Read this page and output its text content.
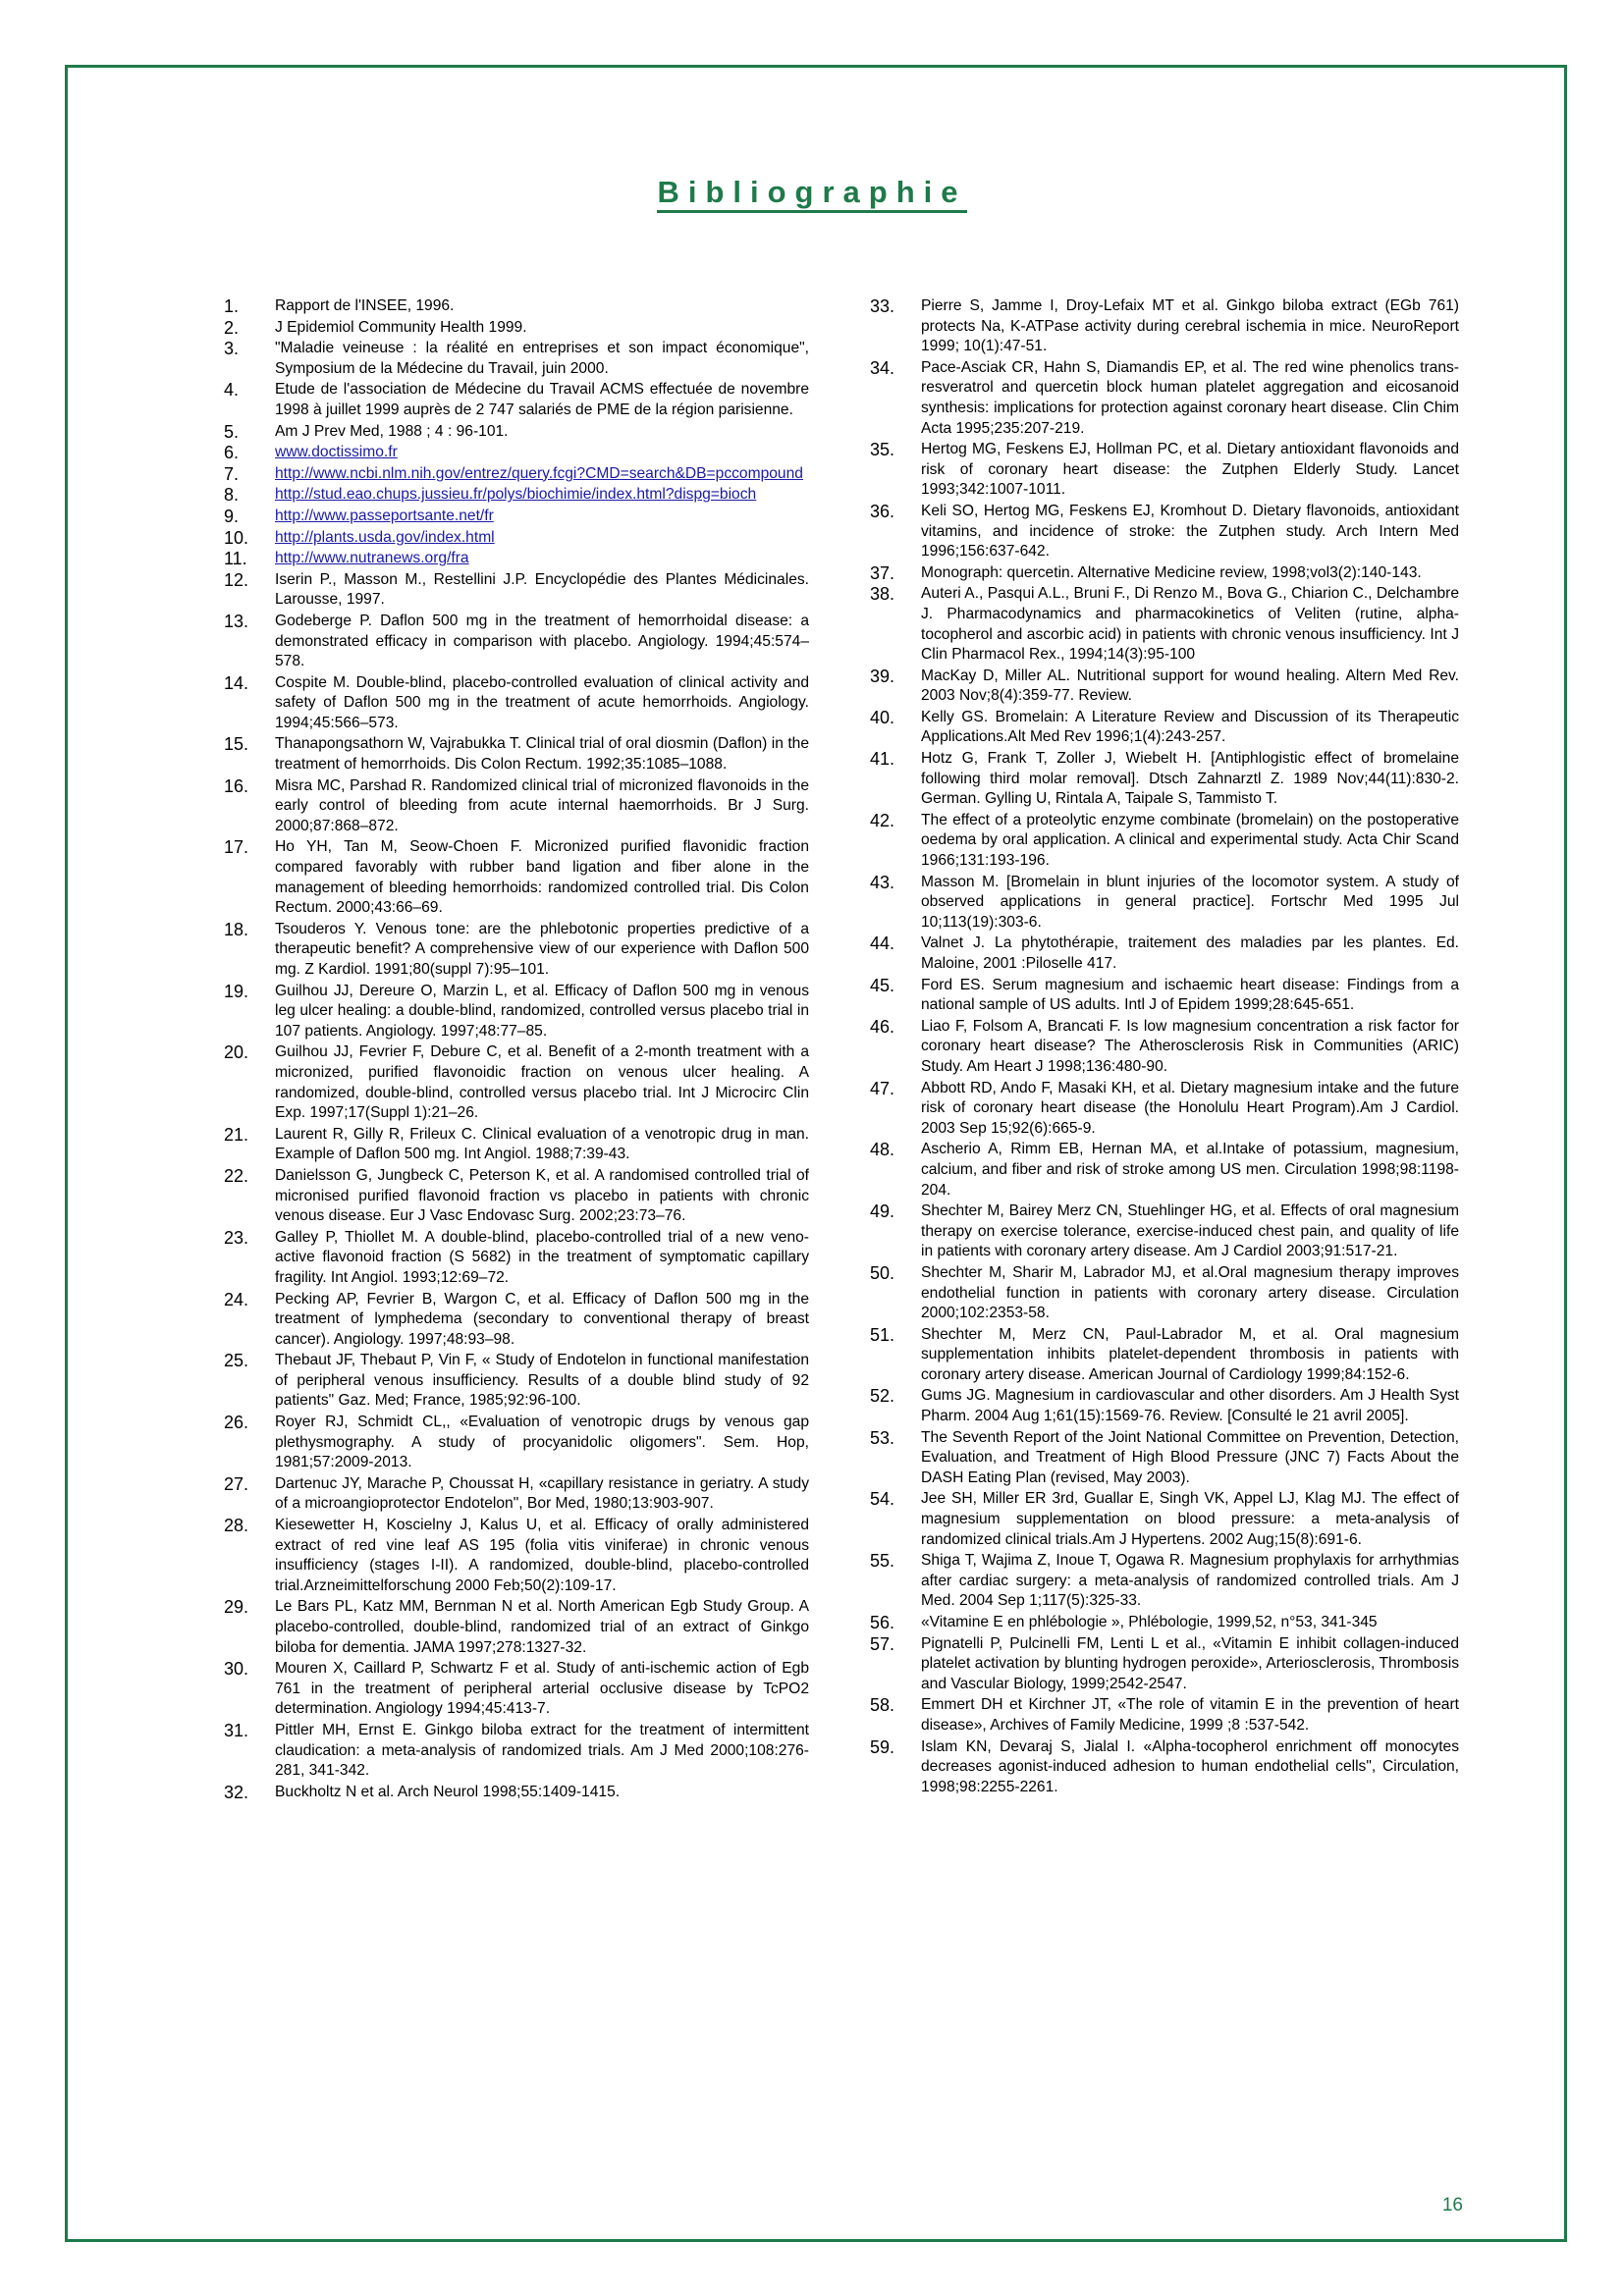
Bibliographie
1.	Rapport de l'INSEE, 1996.
2.	J Epidemiol Community Health 1999.
3.	"Maladie veineuse : la réalité en entreprises et son impact économique", Symposium de la Médecine du Travail, juin 2000.
4.	Etude de l'association de Médecine du Travail ACMS effectuée de novembre 1998 à juillet 1999 auprès de 2 747 salariés de PME de la région parisienne.
5.	Am J Prev Med, 1988 ; 4 : 96-101.
6.	www.doctissimo.fr
7.	http://www.ncbi.nlm.nih.gov/entrez/query.fcgi?CMD=search&DB=pccompound
8.	http://stud.eao.chups.jussieu.fr/polys/biochimie/index.html?dispg=bioch
9.	http://www.passeportsante.net/fr
10.	http://plants.usda.gov/index.html
11.	http://www.nutranews.org/fra
12.	Iserin P., Masson M., Restellini J.P. Encyclopédie des Plantes Médicinales. Larousse, 1997.
13.	Godeberge P. Daflon 500 mg in the treatment of hemorrhoidal disease: a demonstrated efficacy in comparison with placebo. Angiology. 1994;45:574–578.
14.	Cospite M. Double-blind, placebo-controlled evaluation of clinical activity and safety of Daflon 500 mg in the treatment of acute hemorrhoids. Angiology. 1994;45:566–573.
15.	Thanapongsathorn W, Vajrabukka T. Clinical trial of oral diosmin (Daflon) in the treatment of hemorrhoids. Dis Colon Rectum. 1992;35:1085–1088.
16.	Misra MC, Parshad R. Randomized clinical trial of micronized flavonoids in the early control of bleeding from acute internal haemorrhoids. Br J Surg. 2000;87:868–872.
17.	Ho YH, Tan M, Seow-Choen F. Micronized purified flavonidic fraction compared favorably with rubber band ligation and fiber alone in the management of bleeding hemorrhoids: randomized controlled trial. Dis Colon Rectum. 2000;43:66–69.
18.	Tsouderos Y. Venous tone: are the phlebotonic properties predictive of a therapeutic benefit? A comprehensive view of our experience with Daflon 500 mg. Z Kardiol. 1991;80(suppl 7):95–101.
19.	Guilhou JJ, Dereure O, Marzin L, et al. Efficacy of Daflon 500 mg in venous leg ulcer healing: a double-blind, randomized, controlled versus placebo trial in 107 patients. Angiology. 1997;48:77–85.
20.	Guilhou JJ, Fevrier F, Debure C, et al. Benefit of a 2-month treatment with a micronized, purified flavonoidic fraction on venous ulcer healing. A randomized, double-blind, controlled versus placebo trial. Int J Microcirc Clin Exp. 1997;17(Suppl 1):21–26.
21.	Laurent R, Gilly R, Frileux C. Clinical evaluation of a venotropic drug in man. Example of Daflon 500 mg. Int Angiol. 1988;7:39-43.
22.	Danielsson G, Jungbeck C, Peterson K, et al. A randomised controlled trial of micronised purified flavonoid fraction vs placebo in patients with chronic venous disease. Eur J Vasc Endovasc Surg. 2002;23:73–76.
23.	Galley P, Thiollet M. A double-blind, placebo-controlled trial of a new veno-active flavonoid fraction (S 5682) in the treatment of symptomatic capillary fragility. Int Angiol. 1993;12:69–72.
24.	Pecking AP, Fevrier B, Wargon C, et al. Efficacy of Daflon 500 mg in the treatment of lymphedema (secondary to conventional therapy of breast cancer). Angiology. 1997;48:93–98.
25.	Thebaut JF, Thebaut P, Vin F, « Study of Endotelon in functional manifestation of peripheral venous insufficiency. Results of a double blind study of 92 patients" Gaz. Med; France, 1985;92:96-100.
26.	Royer RJ, Schmidt CL,, «Evaluation of venotropic drugs by venous gap plethysmography. A study of procyanidolic oligomers". Sem. Hop, 1981;57:2009-2013.
27.	Dartenuc JY, Marache P, Choussat H, «capillary resistance in geriatry. A study of a microangioprotector Endotelon", Bor Med, 1980;13:903-907.
28.	Kiesewetter H, Koscielny J, Kalus U, et al. Efficacy of orally administered extract of red vine leaf AS 195 (folia vitis viniferae) in chronic venous insufficiency (stages I-II). A randomized, double-blind, placebo-controlled trial.Arzneimittelforschung 2000 Feb;50(2):109-17.
29.	Le Bars PL, Katz MM, Bernman N et al. North American Egb Study Group. A placebo-controlled, double-blind, randomized trial of an extract of Ginkgo biloba for dementia. JAMA 1997;278:1327-32.
30.	Mouren X, Caillard P, Schwartz F et al. Study of anti-ischemic action of Egb 761 in the treatment of peripheral arterial occlusive disease by TcPO2 determination. Angiology 1994;45:413-7.
31.	Pittler MH, Ernst E. Ginkgo biloba extract for the treatment of intermittent claudication: a meta-analysis of randomized trials. Am J Med 2000;108:276-281, 341-342.
32.	Buckholtz N et al. Arch Neurol 1998;55:1409-1415.
33.	Pierre S, Jamme I, Droy-Lefaix MT et al. Ginkgo biloba extract (EGb 761) protects Na, K-ATPase activity during cerebral ischemia in mice. NeuroReport 1999; 10(1):47-51.
34.	Pace-Asciak CR, Hahn S, Diamandis EP, et al. The red wine phenolics trans-resveratrol and quercetin block human platelet aggregation and eicosanoid synthesis: implications for protection against coronary heart disease. Clin Chim Acta 1995;235:207-219.
35.	Hertog MG, Feskens EJ, Hollman PC, et al. Dietary antioxidant flavonoids and risk of coronary heart disease: the Zutphen Elderly Study. Lancet 1993;342:1007-1011.
36.	Keli SO, Hertog MG, Feskens EJ, Kromhout D. Dietary flavonoids, antioxidant vitamins, and incidence of stroke: the Zutphen study. Arch Intern Med 1996;156:637-642.
37.	Monograph: quercetin. Alternative Medicine review, 1998;vol3(2):140-143.
38.	Auteri A., Pasqui A.L., Bruni F., Di Renzo M., Bova G., Chiarion C., Delchambre J. Pharmacodynamics and pharmacokinetics of Veliten (rutine, alpha-tocopherol and ascorbic acid) in patients with chronic venous insufficiency. Int J Clin Pharmacol Rex., 1994;14(3):95-100
39.	MacKay D, Miller AL. Nutritional support for wound healing. Altern Med Rev. 2003 Nov;8(4):359-77. Review.
40.	Kelly GS. Bromelain: A Literature Review and Discussion of its Therapeutic Applications.Alt Med Rev 1996;1(4):243-257.
41.	Hotz G, Frank T, Zoller J, Wiebelt H. [Antiphlogistic effect of bromelaine following third molar removal]. Dtsch Zahnarztl Z. 1989 Nov;44(11):830-2. German. Gylling U, Rintala A, Taipale S, Tammisto T.
42.	The effect of a proteolytic enzyme combinate (bromelain) on the postoperative oedema by oral application. A clinical and experimental study. Acta Chir Scand 1966;131:193-196.
43.	Masson M. [Bromelain in blunt injuries of the locomotor system. A study of observed applications in general practice]. Fortschr Med 1995 Jul 10;113(19):303-6.
44.	Valnet J. La phytothérapie, traitement des maladies par les plantes. Ed. Maloine, 2001 :Piloselle 417.
45.	Ford ES. Serum magnesium and ischaemic heart disease: Findings from a national sample of US adults. Intl J of Epidem 1999;28:645-651.
46.	Liao F, Folsom A, Brancati F. Is low magnesium concentration a risk factor for coronary heart disease? The Atherosclerosis Risk in Communities (ARIC) Study. Am Heart J 1998;136:480-90.
47.	Abbott RD, Ando F, Masaki KH, et al. Dietary magnesium intake and the future risk of coronary heart disease (the Honolulu Heart Program).Am J Cardiol. 2003 Sep 15;92(6):665-9.
48.	Ascherio A, Rimm EB, Hernan MA, et al.Intake of potassium, magnesium, calcium, and fiber and risk of stroke among US men. Circulation 1998;98:1198-204.
49.	Shechter M, Bairey Merz CN, Stuehlinger HG, et al. Effects of oral magnesium therapy on exercise tolerance, exercise-induced chest pain, and quality of life in patients with coronary artery disease. Am J Cardiol 2003;91:517-21.
50.	Shechter M, Sharir M, Labrador MJ, et al.Oral magnesium therapy improves endothelial function in patients with coronary artery disease. Circulation 2000;102:2353-58.
51.	Shechter M, Merz CN, Paul-Labrador M, et al. Oral magnesium supplementation inhibits platelet-dependent thrombosis in patients with coronary artery disease. American Journal of Cardiology 1999;84:152-6.
52.	Gums JG. Magnesium in cardiovascular and other disorders. Am J Health Syst Pharm. 2004 Aug 1;61(15):1569-76. Review. [Consulté le 21 avril 2005].
53.	The Seventh Report of the Joint National Committee on Prevention, Detection, Evaluation, and Treatment of High Blood Pressure (JNC 7) Facts About the DASH Eating Plan (revised, May 2003).
54.	Jee SH, Miller ER 3rd, Guallar E, Singh VK, Appel LJ, Klag MJ. The effect of magnesium supplementation on blood pressure: a meta-analysis of randomized clinical trials.Am J Hypertens. 2002 Aug;15(8):691-6.
55.	Shiga T, Wajima Z, Inoue T, Ogawa R. Magnesium prophylaxis for arrhythmias after cardiac surgery: a meta-analysis of randomized controlled trials. Am J Med. 2004 Sep 1;117(5):325-33.
56.	«Vitamine E en phlébologie », Phlébologie, 1999,52, n°53, 341-345
57.	Pignatelli P, Pulcinelli FM, Lenti L et al., «Vitamin E inhibit collagen-induced platelet activation by blunting hydrogen peroxide», Arteriosclerosis, Thrombosis and Vascular Biology, 1999;2542-2547.
58.	Emmert DH et Kirchner JT, «The role of vitamin E in the prevention of heart disease», Archives of Family Medicine, 1999 ;8 :537-542.
59.	Islam KN, Devaraj S, Jialal I. «Alpha-tocopherol enrichment off monocytes decreases agonist-induced adhesion to human endothelial cells", Circulation, 1998;98:2255-2261.
16
